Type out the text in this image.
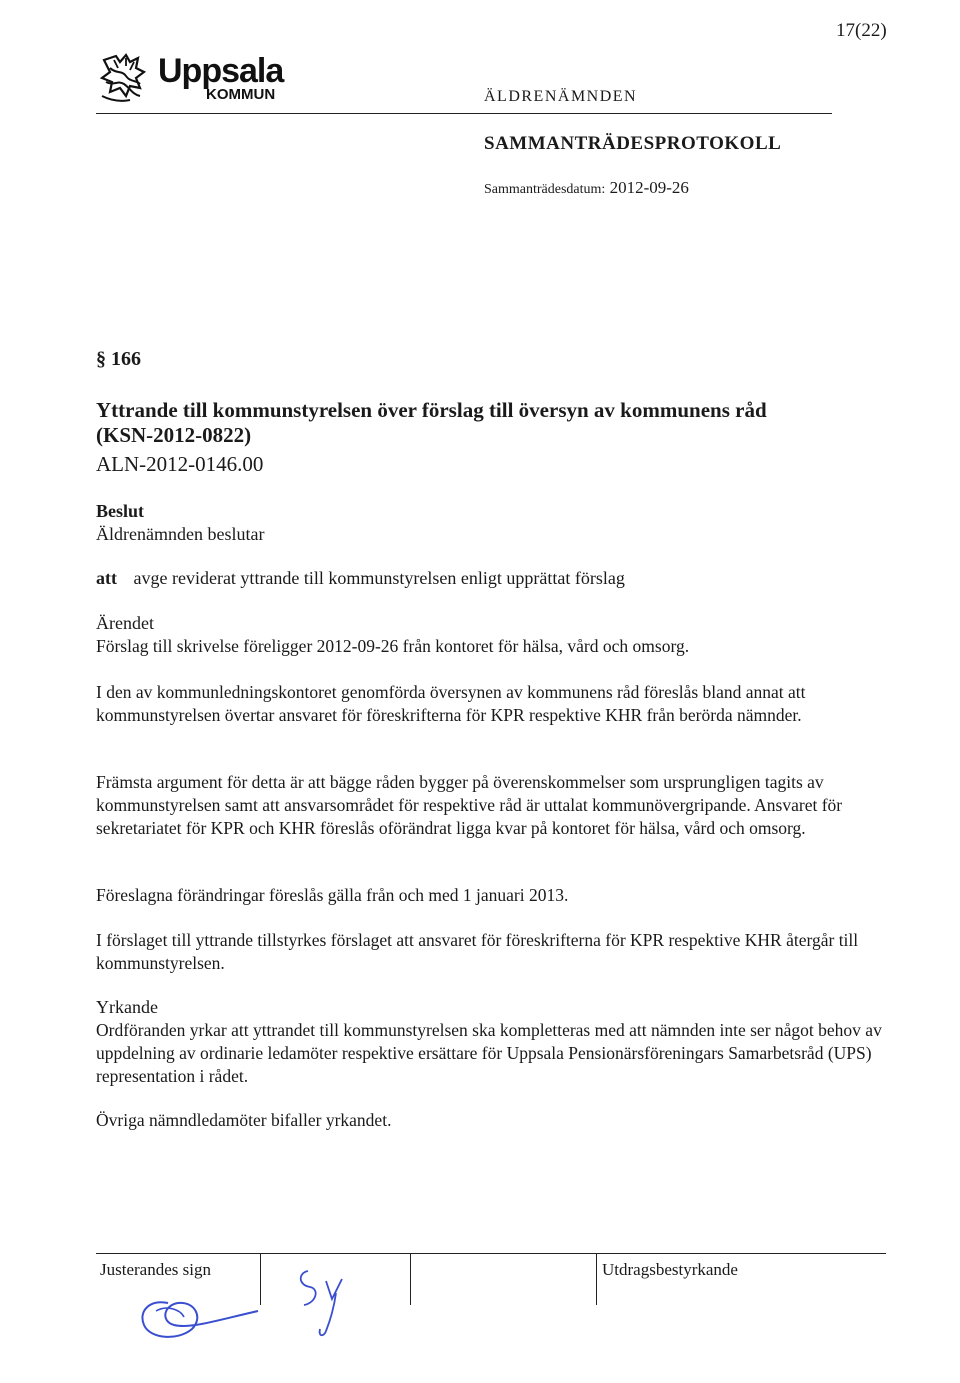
17(22)
Uppsala
KOMMUN	ÄLDRENÄMNDEN
SAMMANTRÄDESPROTOKOLL
Sammanträdesdatum: 2012-09-26
§ 166
Yttrande till kommunstyrelsen över förslag till översyn av kommunens råd
(KSN-2012-0822)
ALN-2012-0146.00
Beslut
Äldrenämnden beslutar
att avge reviderat yttrande till kommunstyrelsen enligt upprättat förslag
Ärendet
Förslag till skrivelse föreligger 2012-09-26 från kontoret för hälsa, vård och omsorg.
I den av kommunledningskontoret genomförda översynen av kommunens råd föreslås bland annat att kommunstyrelsen övertar ansvaret för föreskrifterna för KPR respektive KHR från berörda nämnder.
Främsta argument för detta är att bägge råden bygger på överenskommelser som ursprungligen tagits av kommunstyrelsen samt att ansvarsområdet för respektive råd är uttalat kommunövergripande. Ansvaret för sekretariatet för KPR och KHR föreslås oförändrat ligga kvar på kontoret för hälsa, vård och omsorg.
Föreslagna förändringar föreslås gälla från och med 1 januari 2013.
I förslaget till yttrande tillstyrkes förslaget att ansvaret för föreskrifterna för KPR respektive KHR återgår till kommunstyrelsen.
Yrkande
Ordföranden yrkar att yttrandet till kommunstyrelsen ska kompletteras med att nämnden inte ser något behov av uppdelning av ordinarie ledamöter respektive ersättare för Uppsala Pensionärsföreningars Samarbetsråd (UPS) representation i rådet.
Övriga nämndledamöter bifaller yrkandet.
Justerandes sign	Utdragsbestyrkande
